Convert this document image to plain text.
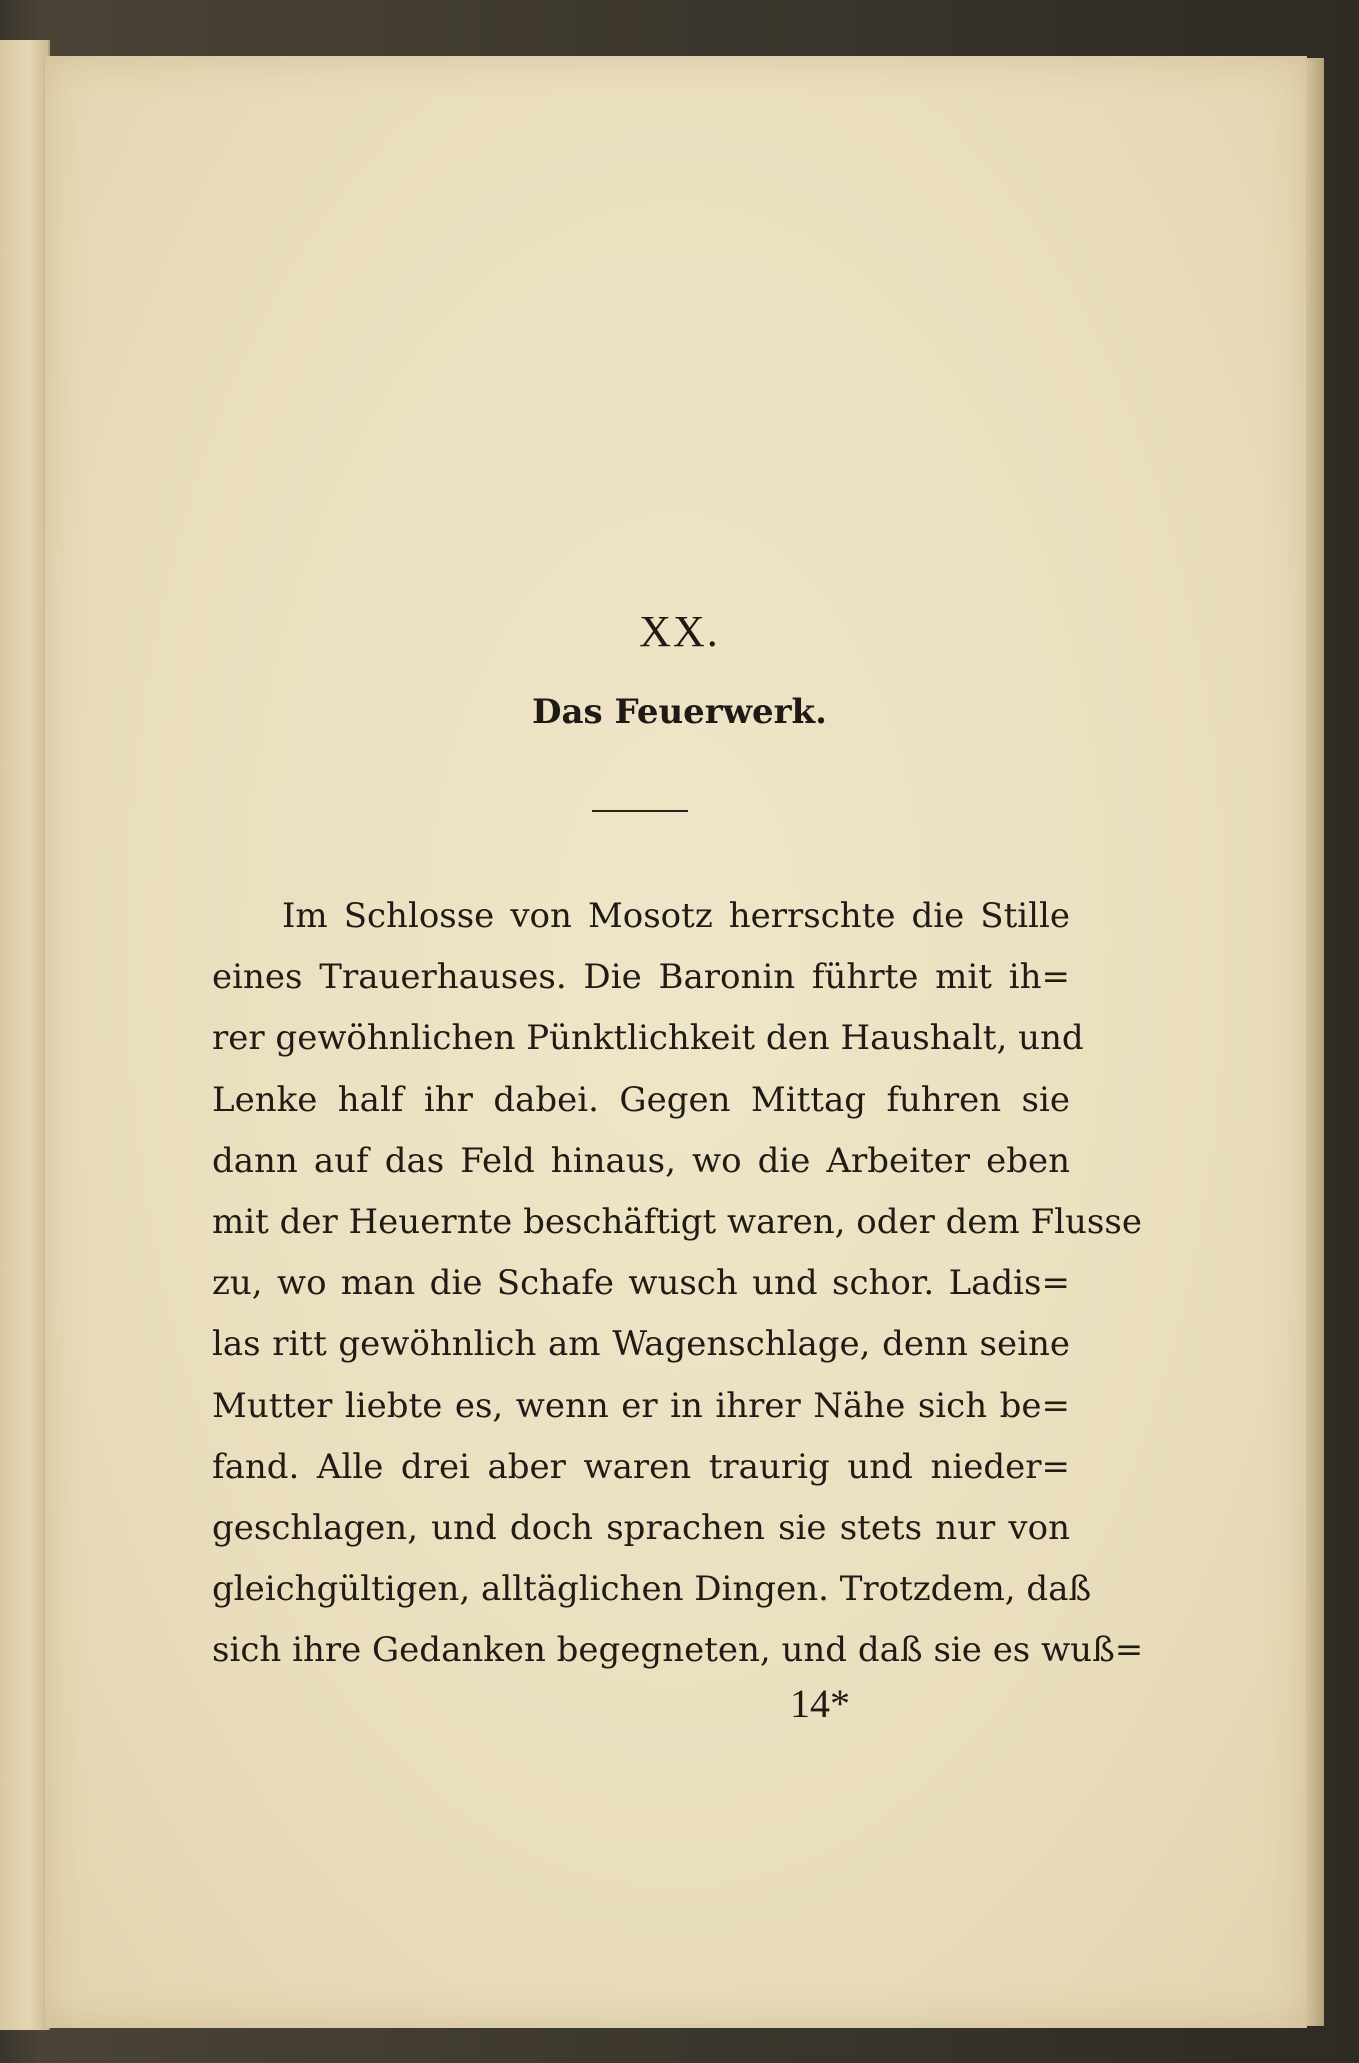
XX.
Das Feuerwerk.
Im Schlosse von Mosotz herrschte die Stille
eines Trauerhauses. Die Baronin führte mit ih=
rer gewöhnlichen Pünktlichkeit den Haushalt, und
Lenke half ihr dabei. Gegen Mittag fuhren sie
dann auf das Feld hinaus, wo die Arbeiter eben
mit der Heuernte beschäftigt waren, oder dem Flusse
zu, wo man die Schafe wusch und schor. Ladis=
las ritt gewöhnlich am Wagenschlage, denn seine
Mutter liebte es, wenn er in ihrer Nähe sich be=
fand. Alle drei aber waren traurig und nieder=
geschlagen, und doch sprachen sie stets nur von
gleichgültigen, alltäglichen Dingen. Trotzdem, daß
sich ihre Gedanken begegneten, und daß sie es wuß=
14*
